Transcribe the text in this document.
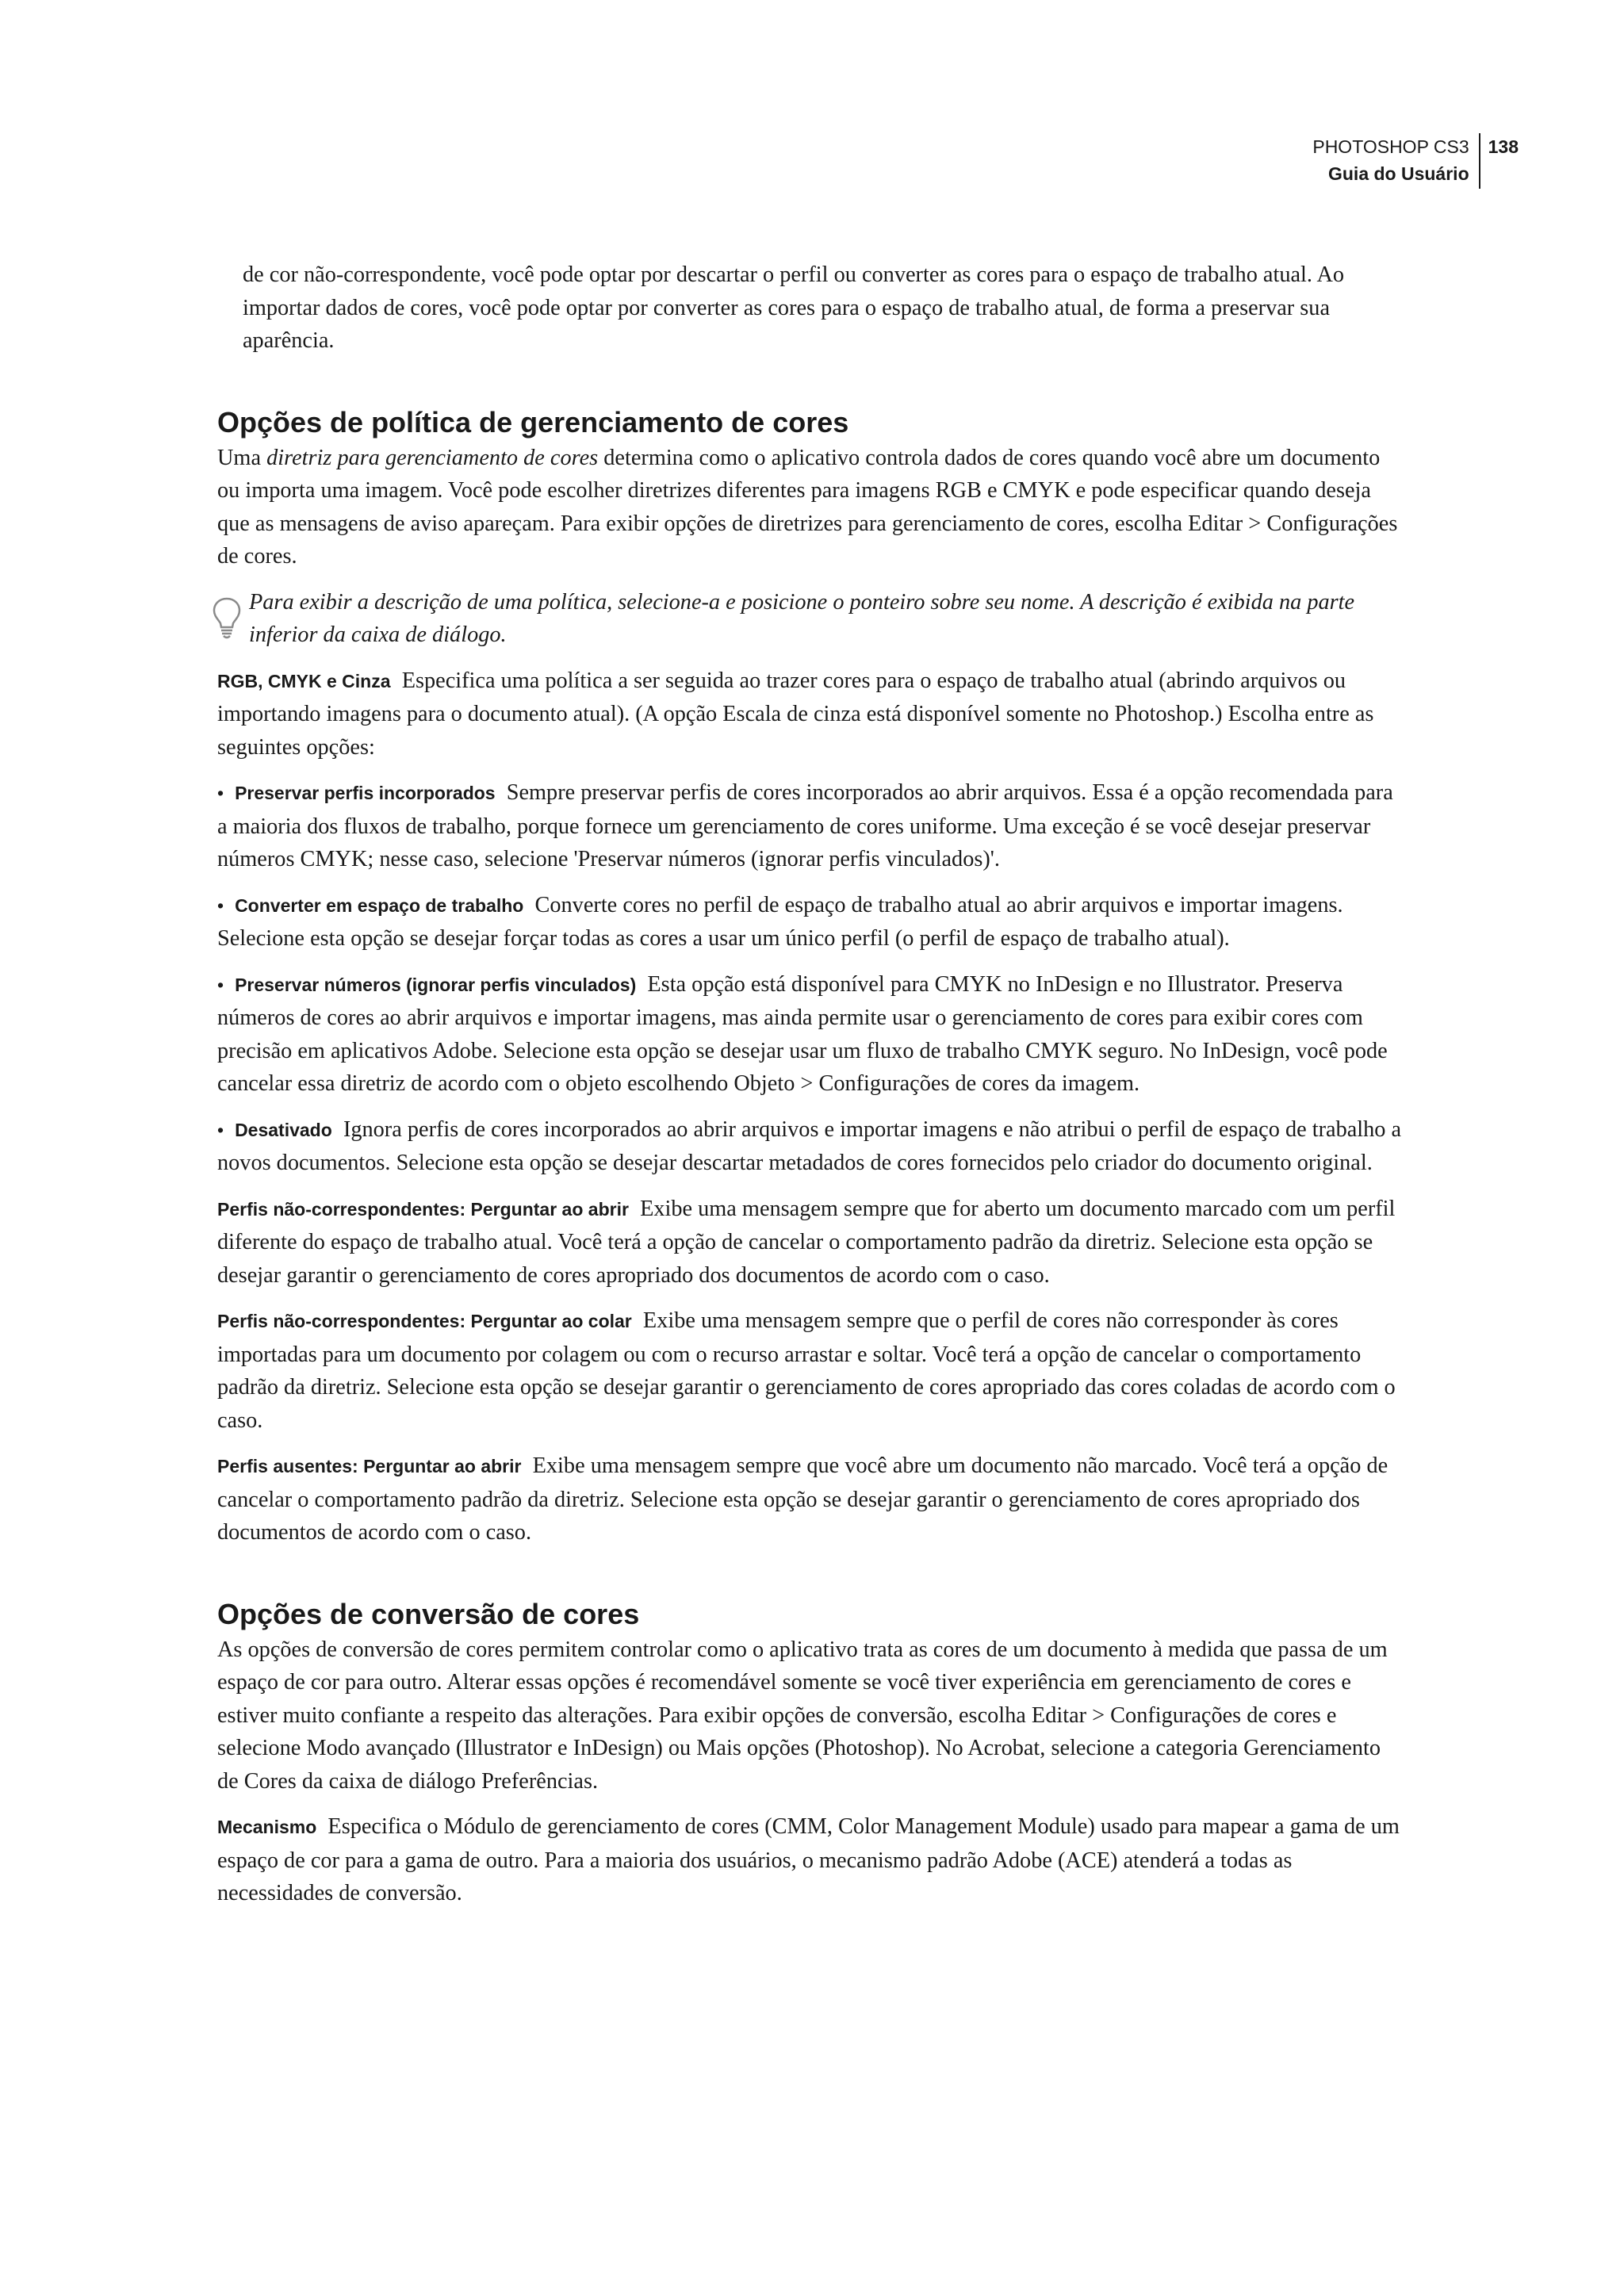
PHOTOSHOP CS3
Guia do Usuário
138

de cor não-correspondente, você pode optar por descartar o perfil ou converter as cores para o espaço de trabalho atual. Ao importar dados de cores, você pode optar por converter as cores para o espaço de trabalho atual, de forma a preservar sua aparência.

Opções de política de gerenciamento de cores

Uma diretriz para gerenciamento de cores determina como o aplicativo controla dados de cores quando você abre um documento ou importa uma imagem. Você pode escolher diretrizes diferentes para imagens RGB e CMYK e pode especificar quando deseja que as mensagens de aviso apareçam. Para exibir opções de diretrizes para gerenciamento de cores, escolha Editar > Configurações de cores.

Para exibir a descrição de uma política, selecione-a e posicione o ponteiro sobre seu nome. A descrição é exibida na parte inferior da caixa de diálogo.

RGB, CMYK e Cinza Especifica uma política a ser seguida ao trazer cores para o espaço de trabalho atual (abrindo arquivos ou importando imagens para o documento atual). (A opção Escala de cinza está disponível somente no Photoshop.) Escolha entre as seguintes opções:

• Preservar perfis incorporados Sempre preservar perfis de cores incorporados ao abrir arquivos. Essa é a opção recomendada para a maioria dos fluxos de trabalho, porque fornece um gerenciamento de cores uniforme. Uma exceção é se você desejar preservar números CMYK; nesse caso, selecione 'Preservar números (ignorar perfis vinculados)'.

• Converter em espaço de trabalho Converte cores no perfil de espaço de trabalho atual ao abrir arquivos e importar imagens. Selecione esta opção se desejar forçar todas as cores a usar um único perfil (o perfil de espaço de trabalho atual).

• Preservar números (ignorar perfis vinculados) Esta opção está disponível para CMYK no InDesign e no Illustrator. Preserva números de cores ao abrir arquivos e importar imagens, mas ainda permite usar o gerenciamento de cores para exibir cores com precisão em aplicativos Adobe. Selecione esta opção se desejar usar um fluxo de trabalho CMYK seguro. No InDesign, você pode cancelar essa diretriz de acordo com o objeto escolhendo Objeto > Configurações de cores da imagem.

• Desativado Ignora perfis de cores incorporados ao abrir arquivos e importar imagens e não atribui o perfil de espaço de trabalho a novos documentos. Selecione esta opção se desejar descartar metadados de cores fornecidos pelo criador do documento original.

Perfis não-correspondentes: Perguntar ao abrir Exibe uma mensagem sempre que for aberto um documento marcado com um perfil diferente do espaço de trabalho atual. Você terá a opção de cancelar o comportamento padrão da diretriz. Selecione esta opção se desejar garantir o gerenciamento de cores apropriado dos documentos de acordo com o caso.

Perfis não-correspondentes: Perguntar ao colar Exibe uma mensagem sempre que o perfil de cores não corresponder às cores importadas para um documento por colagem ou com o recurso arrastar e soltar. Você terá a opção de cancelar o comportamento padrão da diretriz. Selecione esta opção se desejar garantir o gerenciamento de cores apropriado das cores coladas de acordo com o caso.

Perfis ausentes: Perguntar ao abrir Exibe uma mensagem sempre que você abre um documento não marcado. Você terá a opção de cancelar o comportamento padrão da diretriz. Selecione esta opção se desejar garantir o gerenciamento de cores apropriado dos documentos de acordo com o caso.

Opções de conversão de cores

As opções de conversão de cores permitem controlar como o aplicativo trata as cores de um documento à medida que passa de um espaço de cor para outro. Alterar essas opções é recomendável somente se você tiver experiência em gerenciamento de cores e estiver muito confiante a respeito das alterações. Para exibir opções de conversão, escolha Editar > Configurações de cores e selecione Modo avançado (Illustrator e InDesign) ou Mais opções (Photoshop). No Acrobat, selecione a categoria Gerenciamento de Cores da caixa de diálogo Preferências.

Mecanismo Especifica o Módulo de gerenciamento de cores (CMM, Color Management Module) usado para mapear a gama de um espaço de cor para a gama de outro. Para a maioria dos usuários, o mecanismo padrão Adobe (ACE) atenderá a todas as necessidades de conversão.
